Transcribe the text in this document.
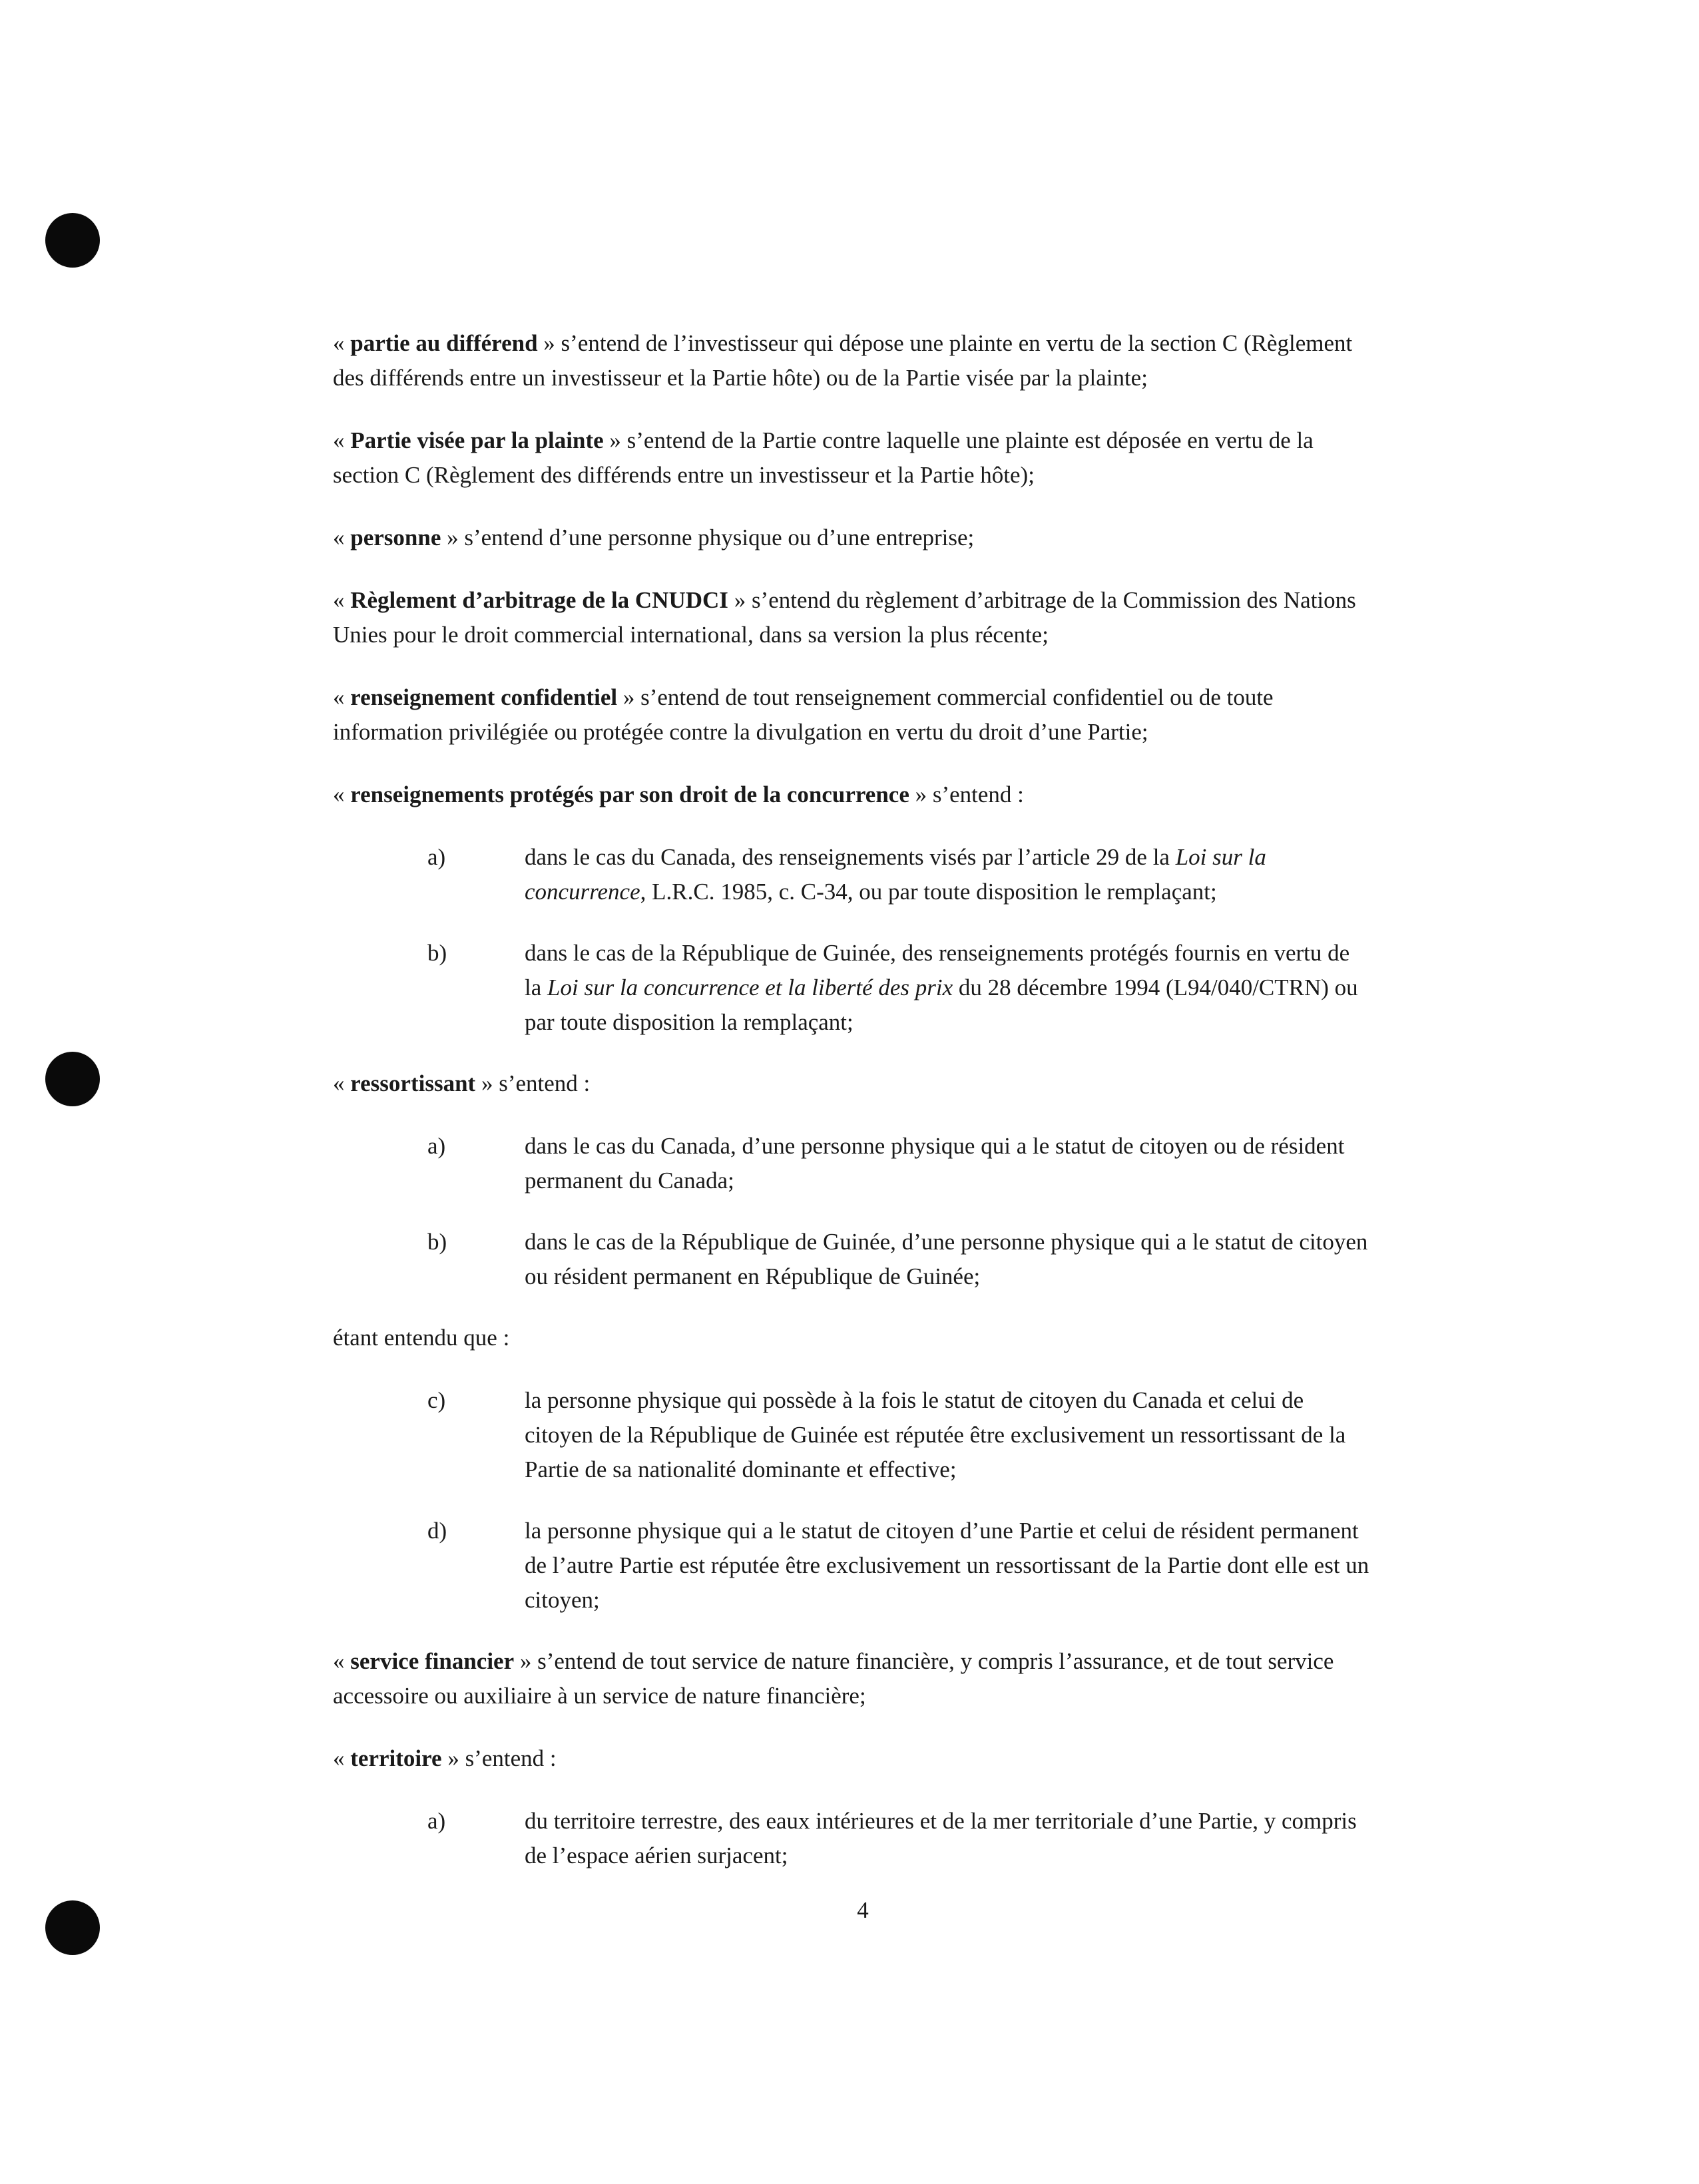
« partie au différend » s’entend de l’investisseur qui dépose une plainte en vertu de la section C (Règlement des différends entre un investisseur et la Partie hôte) ou de la Partie visée par la plainte;

« Partie visée par la plainte » s’entend de la Partie contre laquelle une plainte est déposée en vertu de la section C (Règlement des différends entre un investisseur et la Partie hôte);

« personne » s’entend d’une personne physique ou d’une entreprise;

« Règlement d’arbitrage de la CNUDCI » s’entend du règlement d’arbitrage de la Commission des Nations Unies pour le droit commercial international, dans sa version la plus récente;

« renseignement confidentiel » s’entend de tout renseignement commercial confidentiel ou de toute information privilégiée ou protégée contre la divulgation en vertu du droit d’une Partie;

« renseignements protégés par son droit de la concurrence » s’entend :

a)	dans le cas du Canada, des renseignements visés par l’article 29 de la Loi sur la concurrence, L.R.C. 1985, c. C-34, ou par toute disposition le remplaçant;
b)	dans le cas de la République de Guinée, des renseignements protégés fournis en vertu de la Loi sur la concurrence et la liberté des prix du 28 décembre 1994 (L94/040/CTRN) ou par toute disposition la remplaçant;

« ressortissant » s’entend :

a)	dans le cas du Canada, d’une personne physique qui a le statut de citoyen ou de résident permanent du Canada;
b)	dans le cas de la République de Guinée, d’une personne physique qui a le statut de citoyen ou résident permanent en République de Guinée;

étant entendu que :

c)	la personne physique qui possède à la fois le statut de citoyen du Canada et celui de citoyen de la République de Guinée est réputée être exclusivement un ressortissant de la Partie de sa nationalité dominante et effective;
d)	la personne physique qui a le statut de citoyen d’une Partie et celui de résident permanent de l’autre Partie est réputée être exclusivement un ressortissant de la Partie dont elle est un citoyen;

« service financier » s’entend de tout service de nature financière, y compris l’assurance, et de tout service accessoire ou auxiliaire à un service de nature financière;

« territoire » s’entend :

a)	du territoire terrestre, des eaux intérieures et de la mer territoriale d’une Partie, y compris de l’espace aérien surjacent;
4
